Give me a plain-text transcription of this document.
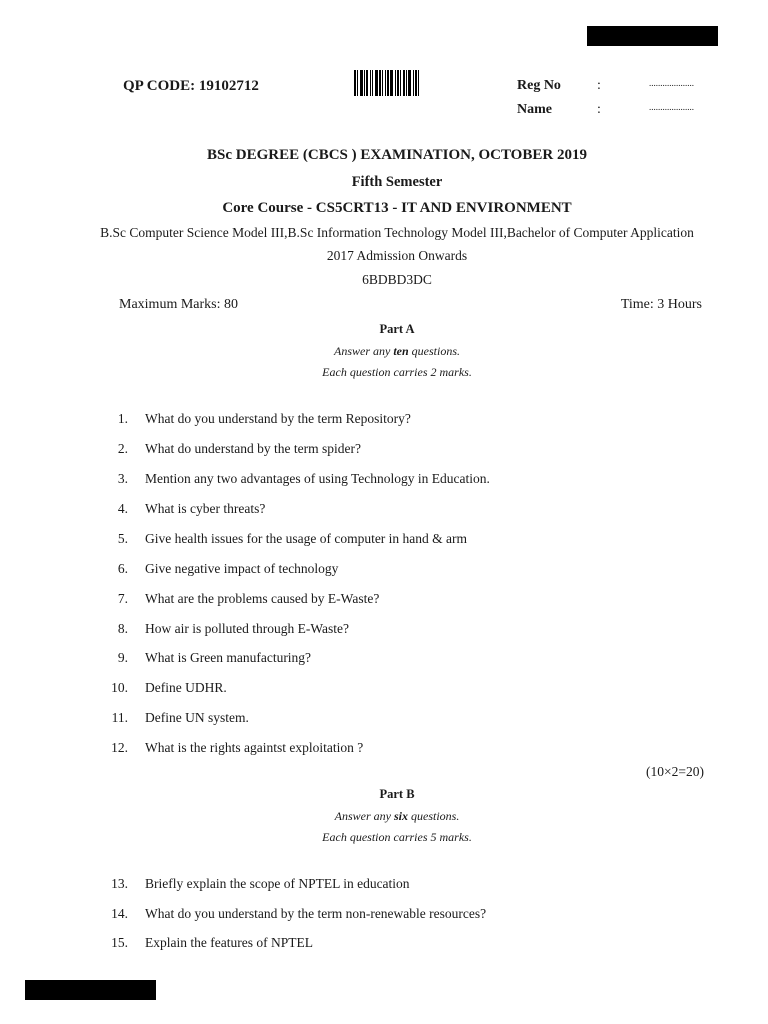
QP CODE: 19102712	Reg No	:	....................
Name	:	....................
BSc DEGREE (CBCS ) EXAMINATION, OCTOBER 2019
Fifth Semester
Core Course - CS5CRT13 - IT AND ENVIRONMENT
B.Sc Computer Science Model III,B.Sc Information Technology Model III,Bachelor of Computer Application
2017 Admission Onwards
6BDBD3DC
Maximum Marks: 80	Time: 3 Hours
Part A
Answer any ten questions.
Each question carries 2 marks.
1. What do you understand by the term Repository?
2. What do understand by the term spider?
3. Mention any two advantages of using Technology in Education.
4. What is cyber threats?
5. Give health issues for the usage of computer in hand & arm
6. Give negative impact of technology
7. What are the problems caused by E-Waste?
8. How air is polluted through E-Waste?
9. What is Green manufacturing?
10. Define UDHR.
11. Define UN system.
12. What is the rights againtst exploitation ?
(10×2=20)
Part B
Answer any six questions.
Each question carries 5 marks.
13. Briefly explain the scope of NPTEL in education
14. What do you understand by the term non-renewable resources?
15. Explain the features of NPTEL
